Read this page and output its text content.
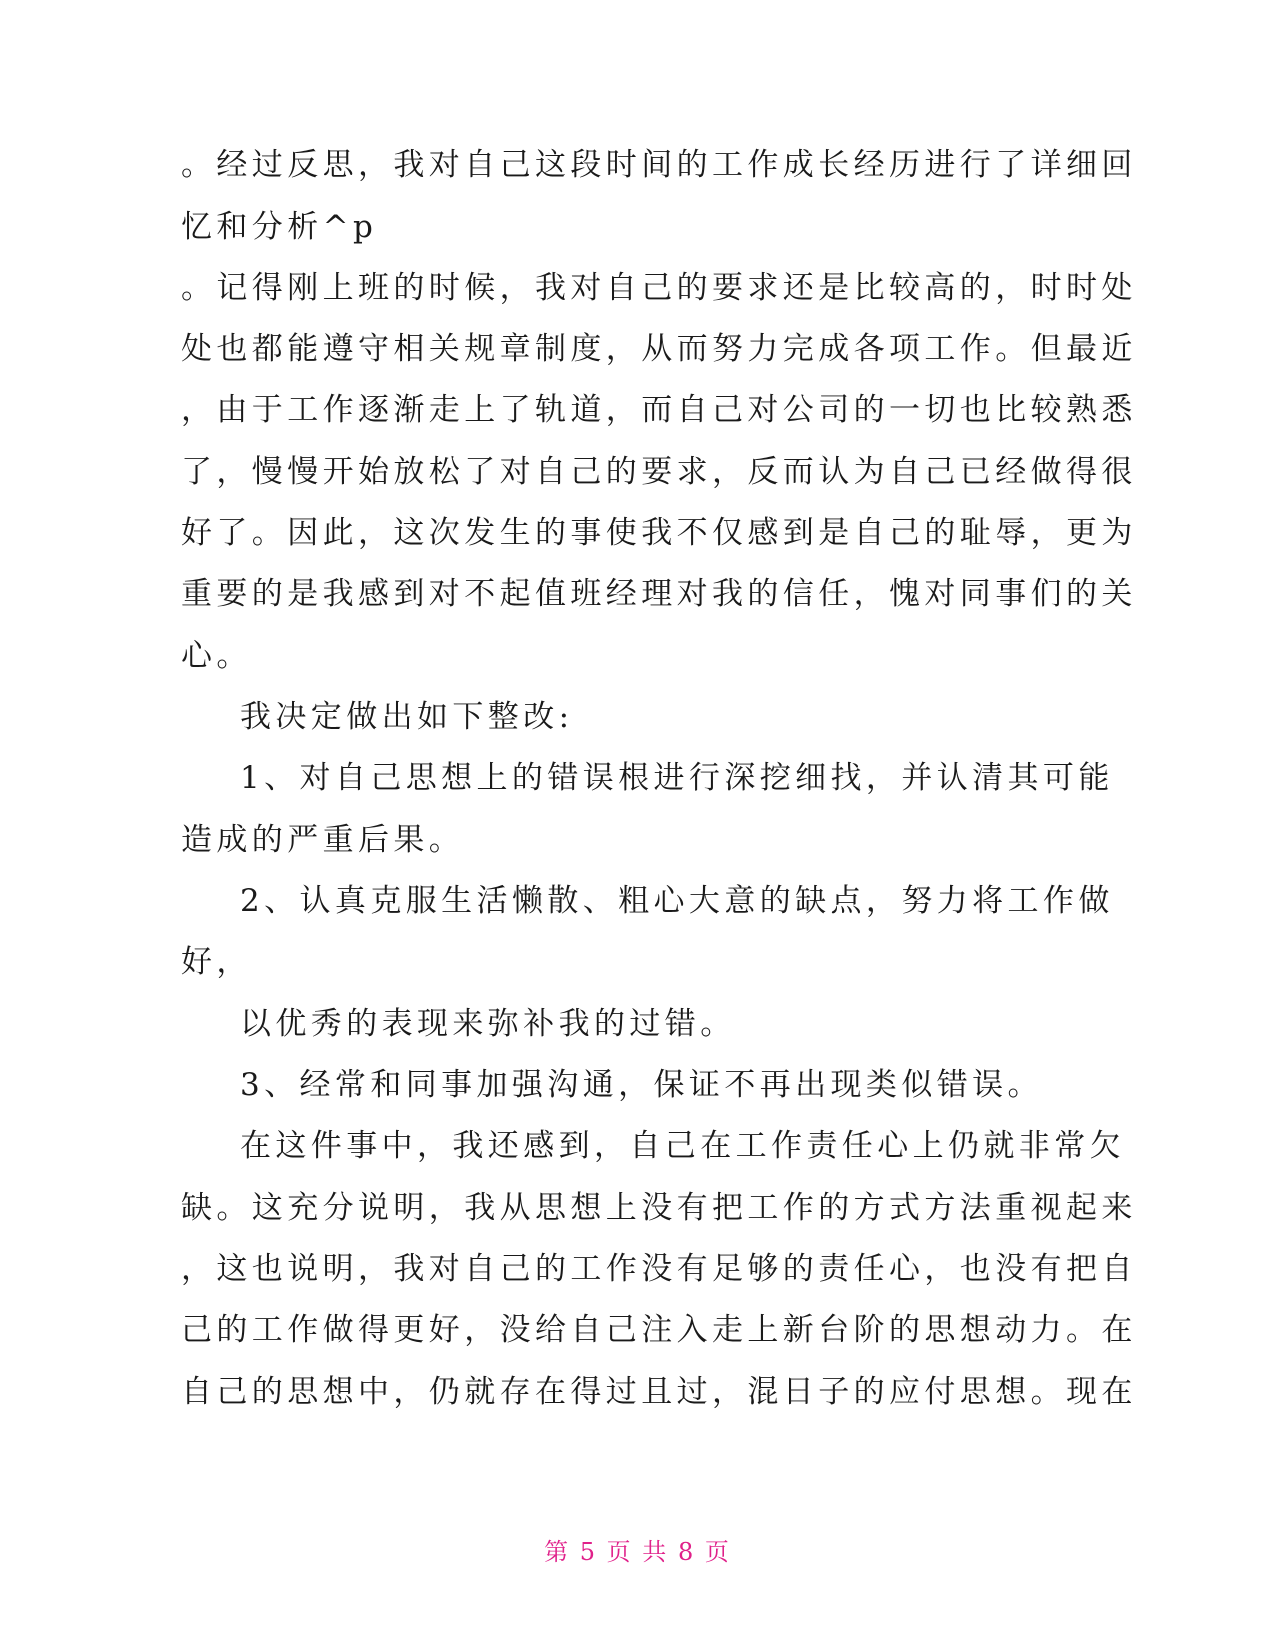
。经过反思，我对自己这段时间的工作成长经历进行了详细回
忆和分析^p
。记得刚上班的时候，我对自己的要求还是比较高的，时时处
处也都能遵守相关规章制度，从而努力完成各项工作。但最近
，由于工作逐渐走上了轨道，而自己对公司的一切也比较熟悉
了，慢慢开始放松了对自己的要求，反而认为自己已经做得很
好了。因此，这次发生的事使我不仅感到是自己的耻辱，更为
重要的是我感到对不起值班经理对我的信任，愧对同事们的关
心。
我决定做出如下整改:
1、对自己思想上的错误根进行深挖细找，并认清其可能
造成的严重后果。
2、认真克服生活懒散、粗心大意的缺点，努力将工作做
好，
以优秀的表现来弥补我的过错。
3、经常和同事加强沟通，保证不再出现类似错误。
在这件事中，我还感到，自己在工作责任心上仍就非常欠
缺。这充分说明，我从思想上没有把工作的方式方法重视起来
，这也说明，我对自己的工作没有足够的责任心，也没有把自
己的工作做得更好，没给自己注入走上新台阶的思想动力。在
自己的思想中，仍就存在得过且过，混日子的应付思想。现在
第 5 页 共 8 页
